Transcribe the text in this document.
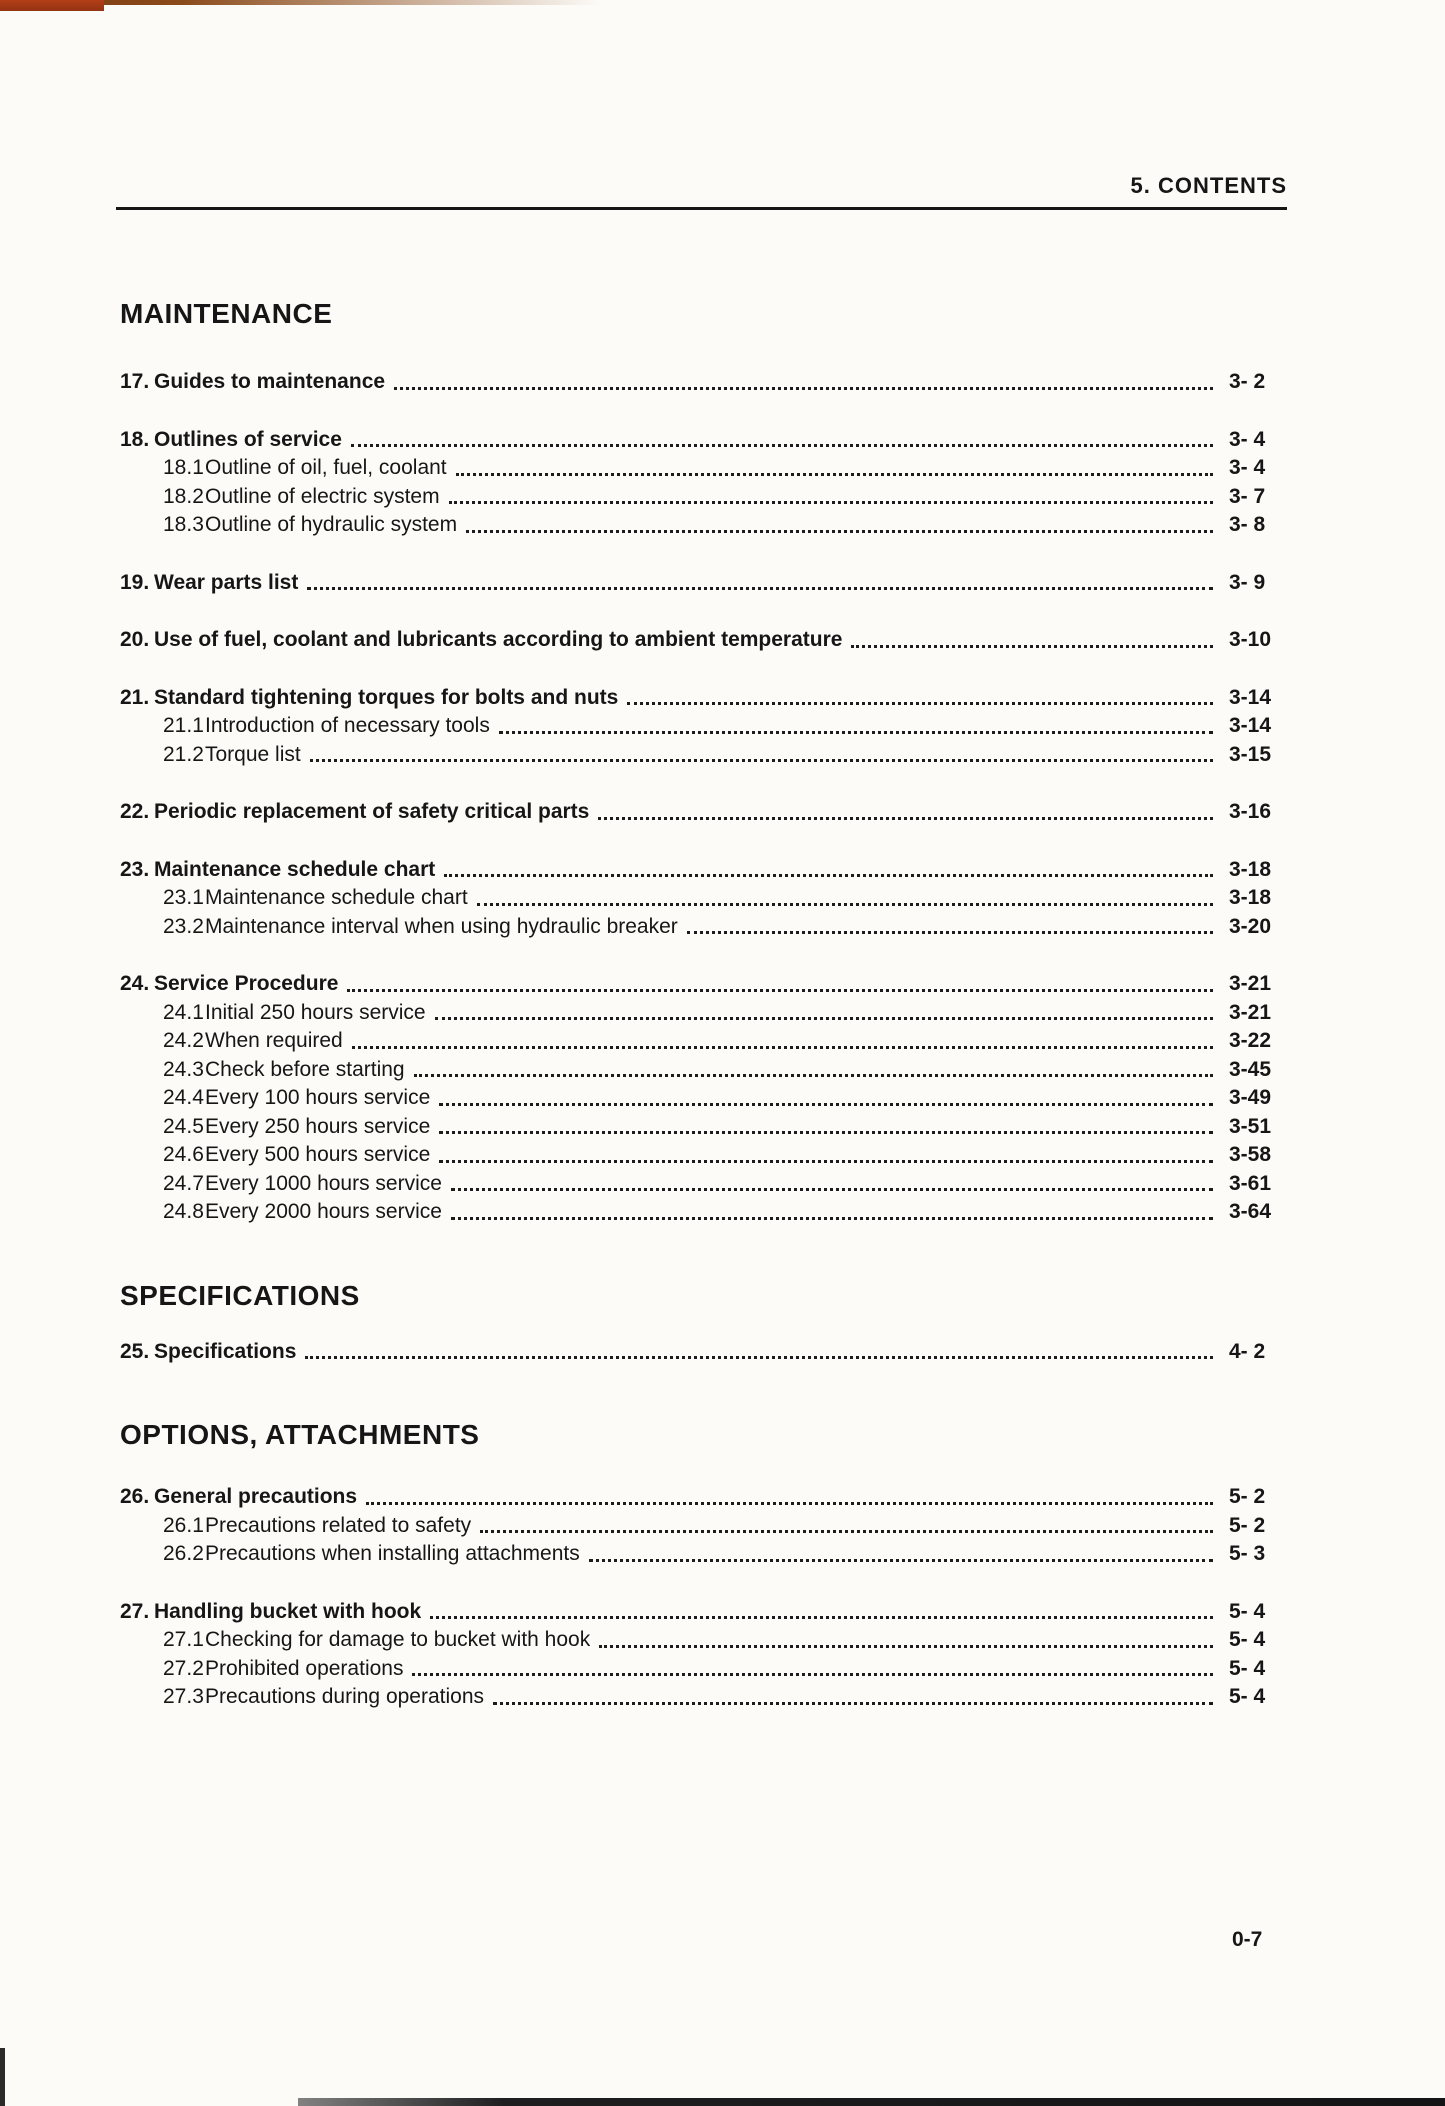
5. CONTENTS
MAINTENANCE
17. Guides to maintenance	3- 2
18. Outlines of service	3- 4
18.1 Outline of oil, fuel, coolant	3- 4
18.2 Outline of electric system	3- 7
18.3 Outline of hydraulic system	3- 8
19. Wear parts list	3- 9
20. Use of fuel, coolant and lubricants according to ambient temperature	3-10
21. Standard tightening torques for bolts and nuts	3-14
21.1 Introduction of necessary tools	3-14
21.2 Torque list	3-15
22. Periodic replacement of safety critical parts	3-16
23. Maintenance schedule chart	3-18
23.1 Maintenance schedule chart	3-18
23.2 Maintenance interval when using hydraulic breaker	3-20
24. Service Procedure	3-21
24.1 Initial 250 hours service	3-21
24.2 When required	3-22
24.3 Check before starting	3-45
24.4 Every 100 hours service	3-49
24.5 Every 250 hours service	3-51
24.6 Every 500 hours service	3-58
24.7 Every 1000 hours service	3-61
24.8 Every 2000 hours service	3-64
SPECIFICATIONS
25. Specifications	4- 2
OPTIONS, ATTACHMENTS
26. General precautions	5- 2
26.1 Precautions related to safety	5- 2
26.2 Precautions when installing attachments	5- 3
27. Handling bucket with hook	5- 4
27.1 Checking for damage to bucket with hook	5- 4
27.2 Prohibited operations	5- 4
27.3 Precautions during operations	5- 4
0-7
